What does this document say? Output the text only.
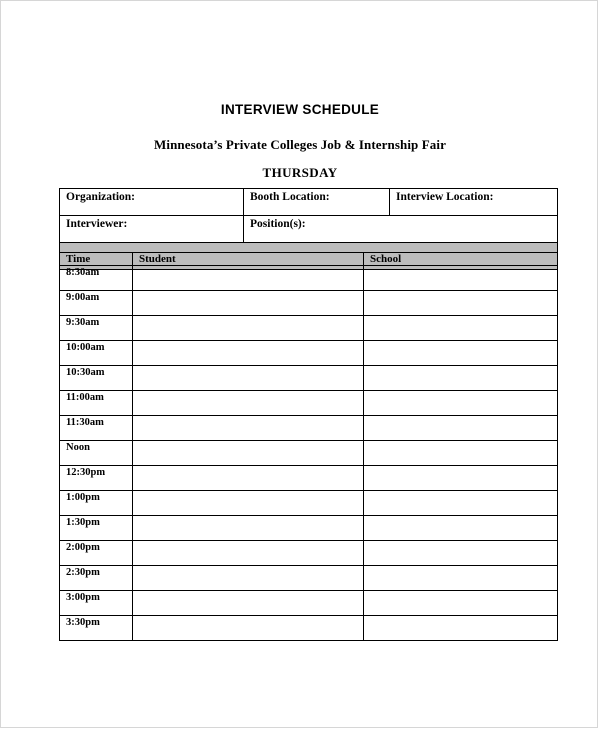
INTERVIEW SCHEDULE
Minnesota’s Private Colleges Job & Internship Fair
THURSDAY
Organization:	Booth Location:	Interview Location:
Interviewer:	Position(s):	

Time	Student	School
8:30am		
9:00am		
9:30am		
10:00am		
10:30am		
11:00am		
11:30am		
Noon		
12:30pm		
1:00pm		
1:30pm		
2:00pm		
2:30pm		
3:00pm		
3:30pm		
